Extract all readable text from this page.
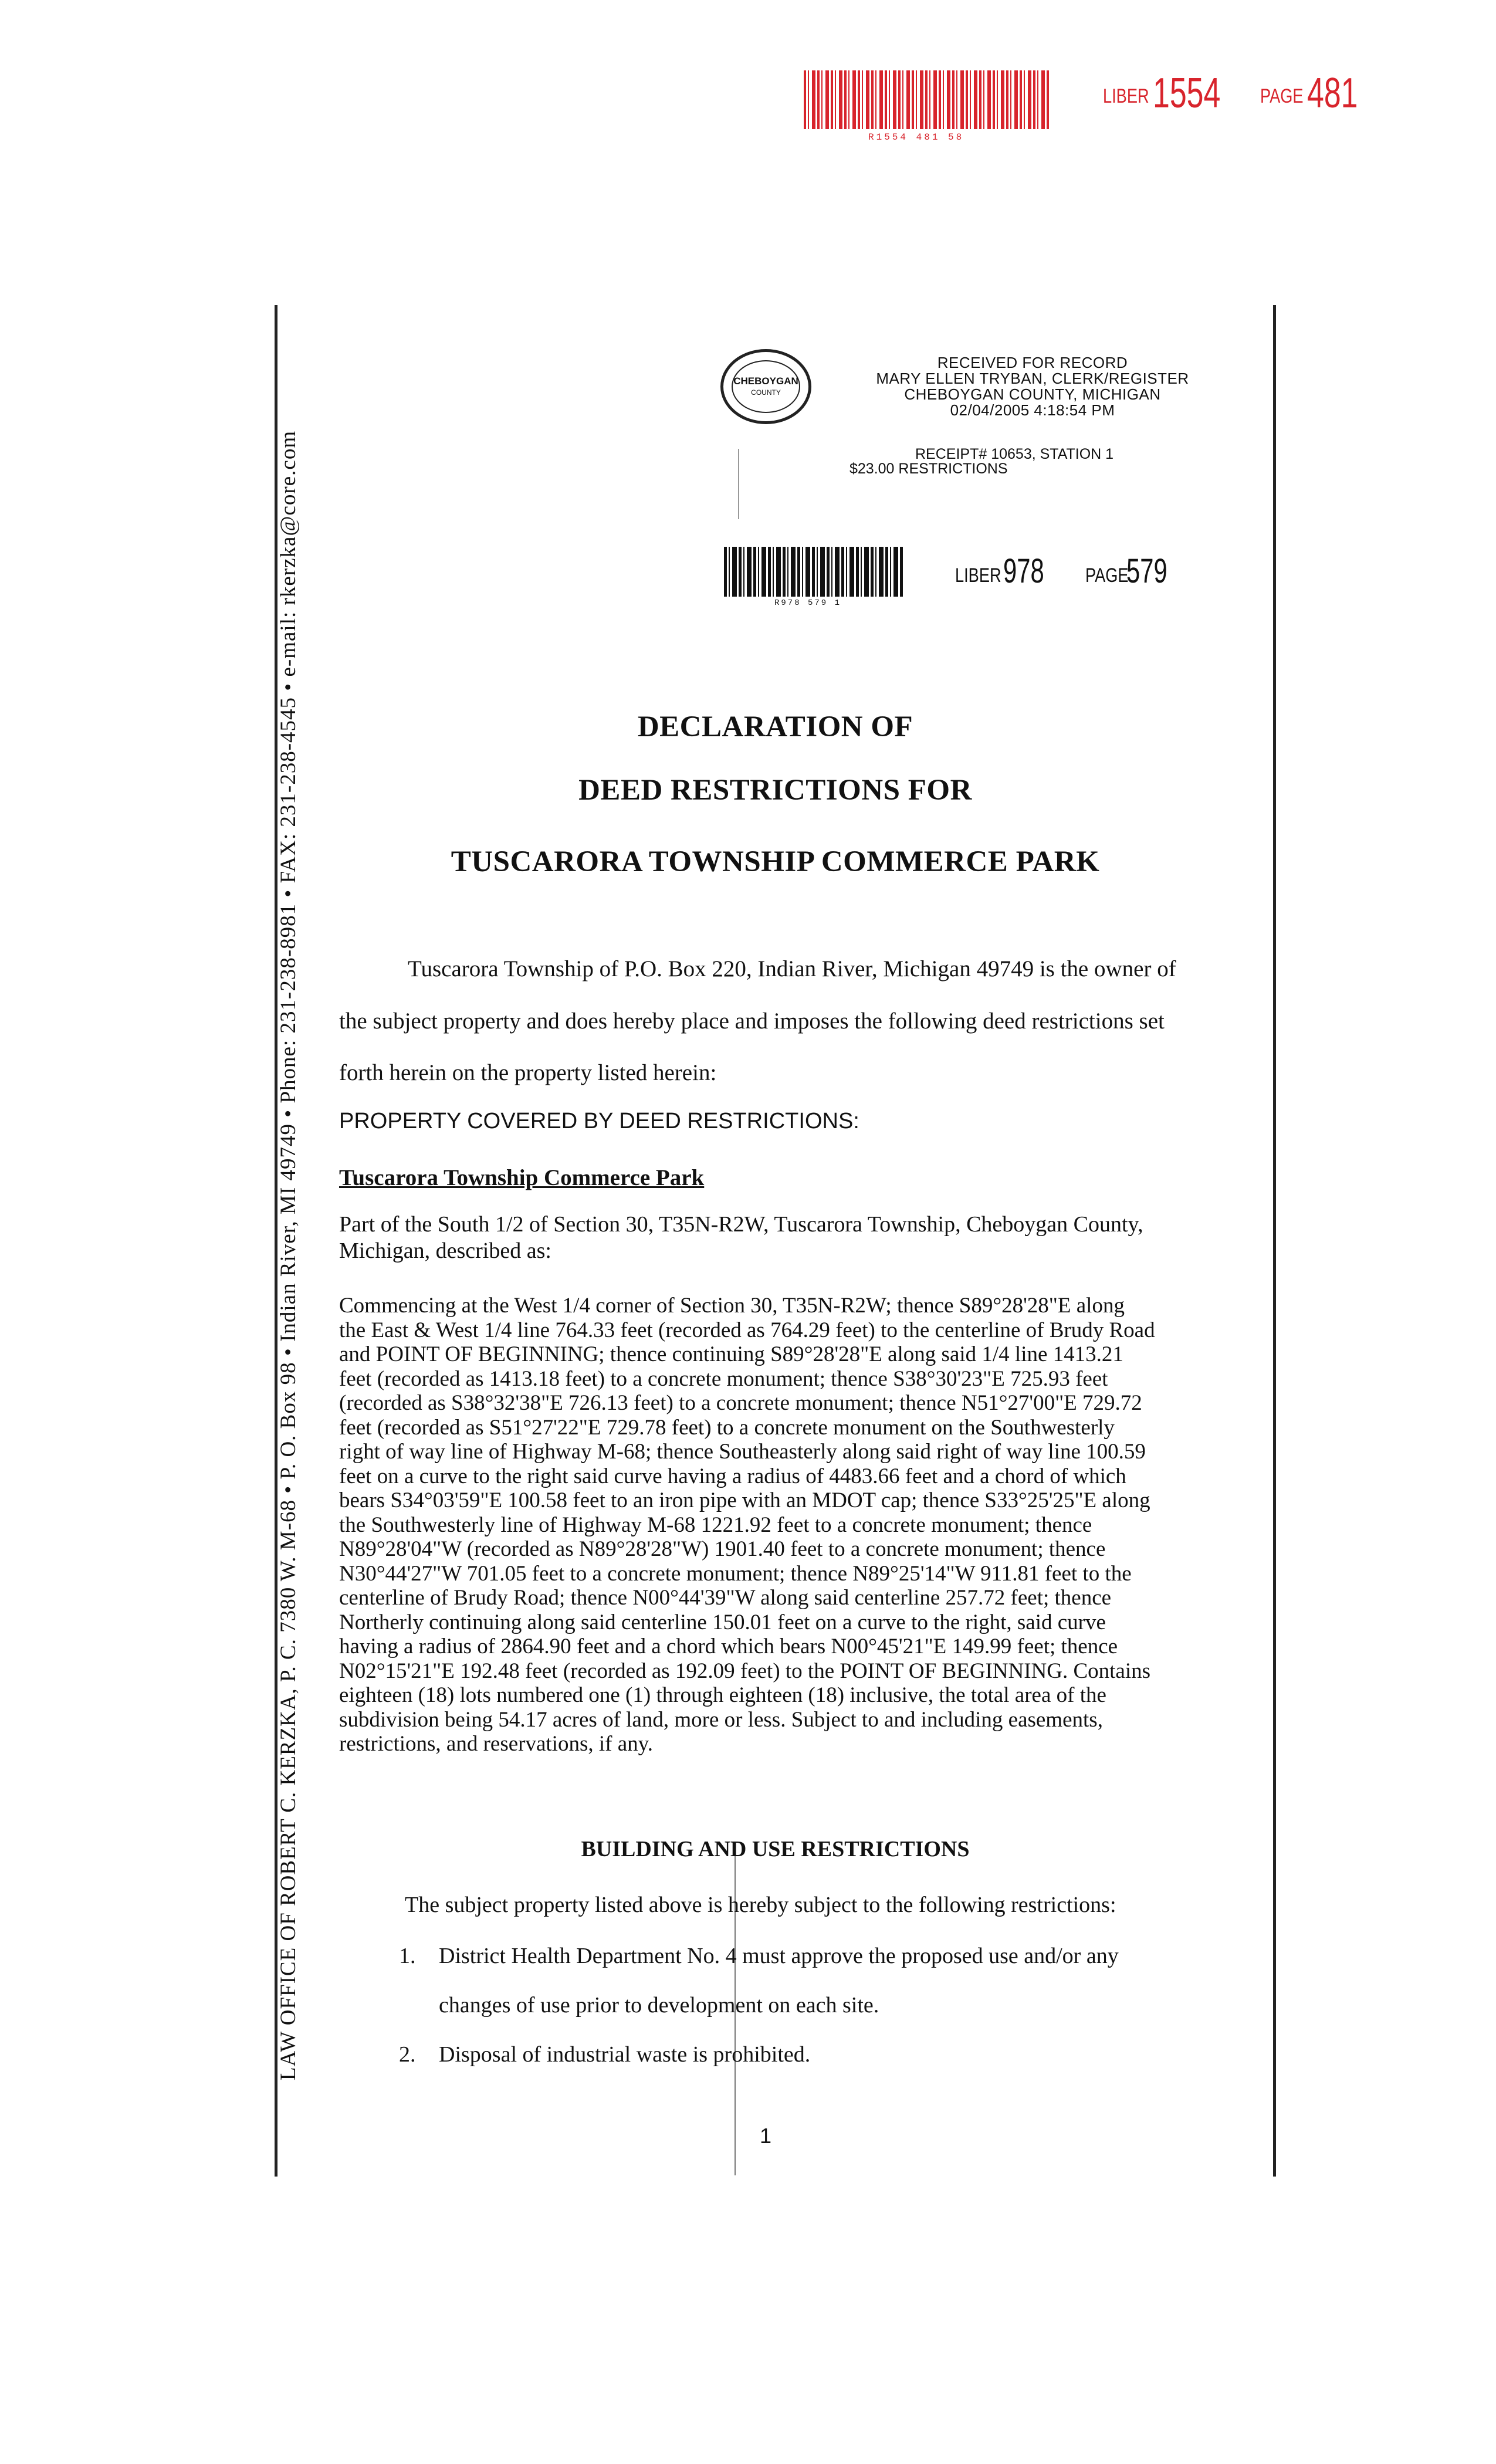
R1554 481 58
LIBER 1554 PAGE 481
LAW OFFICE OF ROBERT C. KERZKA, P. C. 7380 W. M-68 • P. O. Box 98 • Indian River, MI 49749 • Phone: 231-238-8981 • FAX: 231-238-4545 • e-mail: rkerzka@core.com
CHEBOYGAN
COUNTY
RECEIVED FOR RECORD
MARY ELLEN TRYBAN, CLERK/REGISTER
CHEBOYGAN COUNTY, MICHIGAN
02/04/2005 4:18:54 PM
RECEIPT# 10653, STATION 1
$23.00 RESTRICTIONS
R978 579 1
LIBER 978 PAGE
579
DECLARATION OF
DEED RESTRICTIONS FOR
TUSCARORA TOWNSHIP COMMERCE PARK
Tuscarora Township of P.O. Box 220, Indian River, Michigan 49749 is the owner of
the subject property and does hereby place and imposes the following deed restrictions set
forth herein on the property listed herein:
PROPERTY COVERED BY DEED RESTRICTIONS:
Tuscarora Township Commerce Park
Part of the South 1/2 of Section 30, T35N-R2W, Tuscarora Township, Cheboygan County,
Michigan, described as:
Commencing at the West 1/4 corner of Section 30, T35N-R2W; thence S89°28'28"E along
the East & West 1/4 line 764.33 feet (recorded as 764.29 feet) to the centerline of Brudy Road
and POINT OF BEGINNING; thence continuing S89°28'28"E along said 1/4 line 1413.21
feet (recorded as 1413.18 feet) to a concrete monument; thence S38°30'23"E 725.93 feet
(recorded as S38°32'38"E 726.13 feet) to a concrete monument; thence N51°27'00"E 729.72
feet (recorded as S51°27'22"E 729.78 feet) to a concrete monument on the Southwesterly
right of way line of Highway M-68; thence Southeasterly along said right of way line 100.59
feet on a curve to the right said curve having a radius of 4483.66 feet and a chord of which
bears S34°03'59"E 100.58 feet to an iron pipe with an MDOT cap; thence S33°25'25"E along
the Southwesterly line of Highway M-68 1221.92 feet to a concrete monument; thence
N89°28'04"W (recorded as N89°28'28"W) 1901.40 feet to a concrete monument; thence
N30°44'27"W 701.05 feet to a concrete monument; thence N89°25'14"W 911.81 feet to the
centerline of Brudy Road; thence N00°44'39"W along said centerline 257.72 feet; thence
Northerly continuing along said centerline 150.01 feet on a curve to the right, said curve
having a radius of 2864.90 feet and a chord which bears N00°45'21"E 149.99 feet; thence
N02°15'21"E 192.48 feet (recorded as 192.09 feet) to the POINT OF BEGINNING. Contains
eighteen (18) lots numbered one (1) through eighteen (18) inclusive, the total area of the
subdivision being 54.17 acres of land, more or less. Subject to and including easements,
restrictions, and reservations, if any.
BUILDING AND USE RESTRICTIONS
The subject property listed above is hereby subject to the following restrictions:
1. District Health Department No. 4 must approve the proposed use and/or any
changes of use prior to development on each site.
2. Disposal of industrial waste is prohibited.
1
